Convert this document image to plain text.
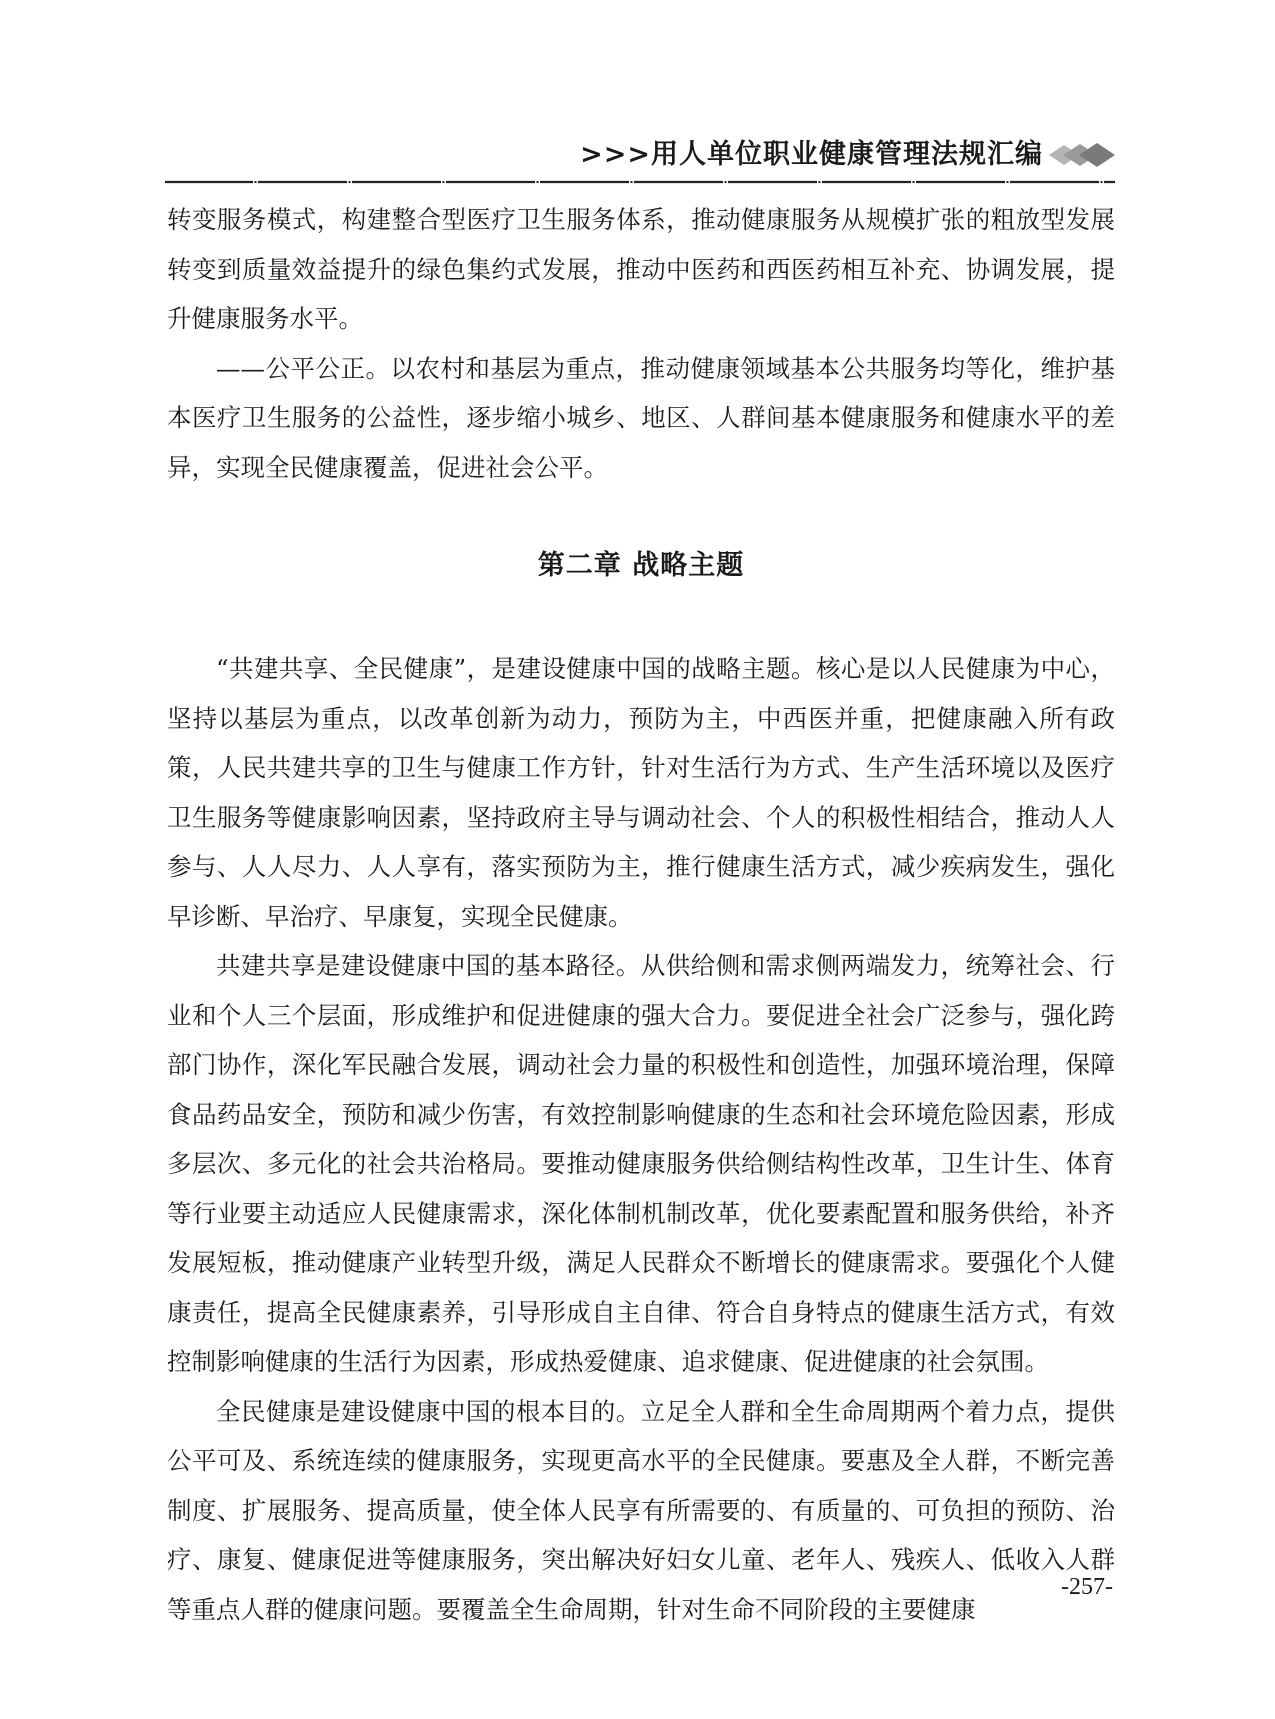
>>>用人单位职业健康管理法规汇编

转变服务模式，构建整合型医疗卫生服务体系，推动健康服务从规模扩张的粗放型发展转变到质量效益提升的绿色集约式发展，推动中医药和西医药相互补充、协调发展，提升健康服务水平。

——公平公正。以农村和基层为重点，推动健康领域基本公共服务均等化，维护基本医疗卫生服务的公益性，逐步缩小城乡、地区、人群间基本健康服务和健康水平的差异，实现全民健康覆盖，促进社会公平。

第二章 战略主题

“共建共享、全民健康”，是建设健康中国的战略主题。核心是以人民健康为中心，坚持以基层为重点，以改革创新为动力，预防为主，中西医并重，把健康融入所有政策，人民共建共享的卫生与健康工作方针，针对生活行为方式、生产生活环境以及医疗卫生服务等健康影响因素，坚持政府主导与调动社会、个人的积极性相结合，推动人人参与、人人尽力、人人享有，落实预防为主，推行健康生活方式，减少疾病发生，强化早诊断、早治疗、早康复，实现全民健康。

共建共享是建设健康中国的基本路径。从供给侧和需求侧两端发力，统筹社会、行业和个人三个层面，形成维护和促进健康的强大合力。要促进全社会广泛参与，强化跨部门协作，深化军民融合发展，调动社会力量的积极性和创造性，加强环境治理，保障食品药品安全，预防和减少伤害，有效控制影响健康的生态和社会环境危险因素，形成多层次、多元化的社会共治格局。要推动健康服务供给侧结构性改革，卫生计生、体育等行业要主动适应人民健康需求，深化体制机制改革，优化要素配置和服务供给，补齐发展短板，推动健康产业转型升级，满足人民群众不断增长的健康需求。要强化个人健康责任，提高全民健康素养，引导形成自主自律、符合自身特点的健康生活方式，有效控制影响健康的生活行为因素，形成热爱健康、追求健康、促进健康的社会氛围。

全民健康是建设健康中国的根本目的。立足全人群和全生命周期两个着力点，提供公平可及、系统连续的健康服务，实现更高水平的全民健康。要惠及全人群，不断完善制度、扩展服务、提高质量，使全体人民享有所需要的、有质量的、可负担的预防、治疗、康复、健康促进等健康服务，突出解决好妇女儿童、老年人、残疾人、低收入人群等重点人群的健康问题。要覆盖全生命周期，针对生命不同阶段的主要健康

-257-
